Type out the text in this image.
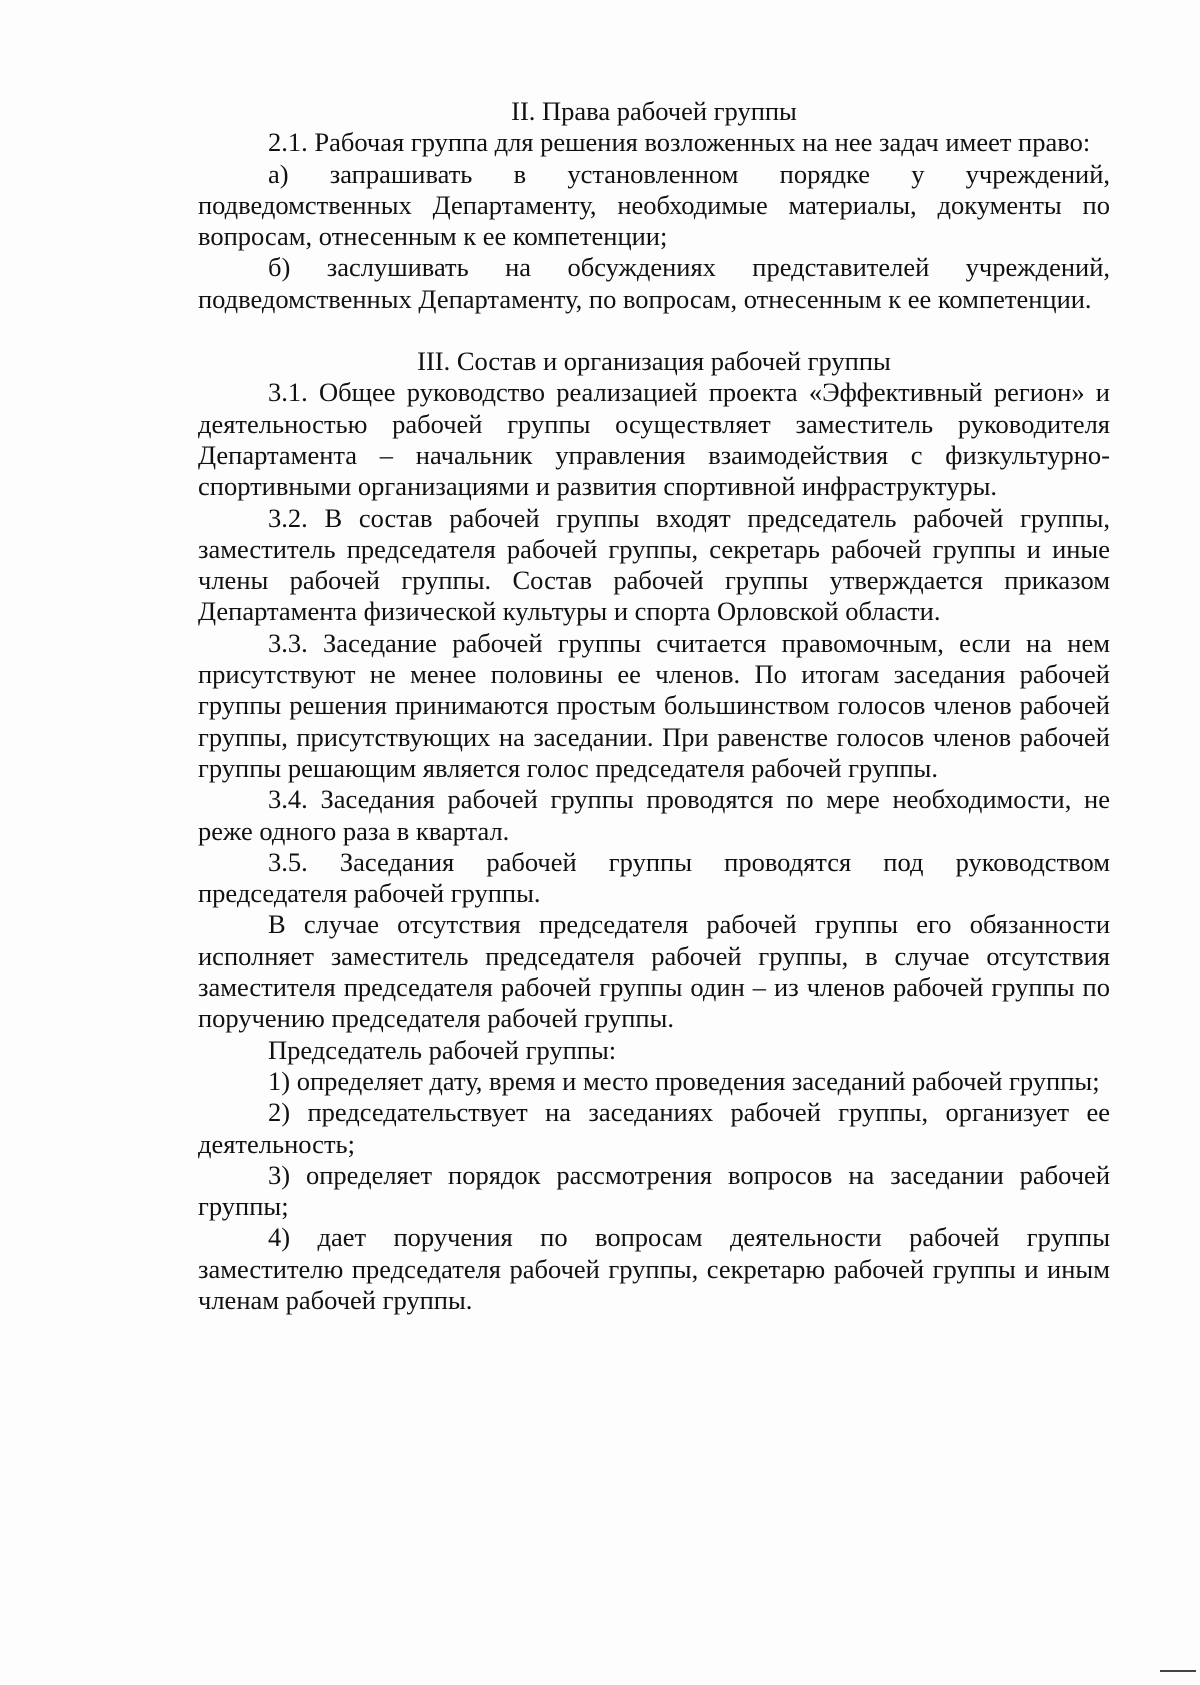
II. Права рабочей группы

2.1. Рабочая группа для решения возложенных на нее задач имеет право:

а) запрашивать в установленном порядке у учреждений, подведомственных Департаменту, необходимые материалы, документы по вопросам, отнесенным к ее компетенции;

б) заслушивать на обсуждениях представителей учреждений, подведомственных Департаменту, по вопросам, отнесенным к ее компетенции.

III. Состав и организация рабочей группы

3.1. Общее руководство реализацией проекта «Эффективный регион» и деятельностью рабочей группы осуществляет заместитель руководителя Департамента – начальник управления взаимодействия с физкультурно-спортивными организациями и развития спортивной инфраструктуры.

3.2. В состав рабочей группы входят председатель рабочей группы, заместитель председателя рабочей группы, секретарь рабочей группы и иные члены рабочей группы. Состав рабочей группы утверждается приказом Департамента физической культуры и спорта Орловской области.

3.3. Заседание рабочей группы считается правомочным, если на нем присутствуют не менее половины ее членов. По итогам заседания рабочей группы решения принимаются простым большинством голосов членов рабочей группы, присутствующих на заседании. При равенстве голосов членов рабочей группы решающим является голос председателя рабочей группы.

3.4. Заседания рабочей группы проводятся по мере необходимости, не реже одного раза в квартал.

3.5. Заседания рабочей группы проводятся под руководством председателя рабочей группы.

В случае отсутствия председателя рабочей группы его обязанности исполняет заместитель председателя рабочей группы, в случае отсутствия заместителя председателя рабочей группы один – из членов рабочей группы по поручению председателя рабочей группы.

Председатель рабочей группы:

1) определяет дату, время и место проведения заседаний рабочей группы;

2) председательствует на заседаниях рабочей группы, организует ее деятельность;

3) определяет порядок рассмотрения вопросов на заседании рабочей группы;

4) дает поручения по вопросам деятельности рабочей группы заместителю председателя рабочей группы, секретарю рабочей группы и иным членам рабочей группы.
